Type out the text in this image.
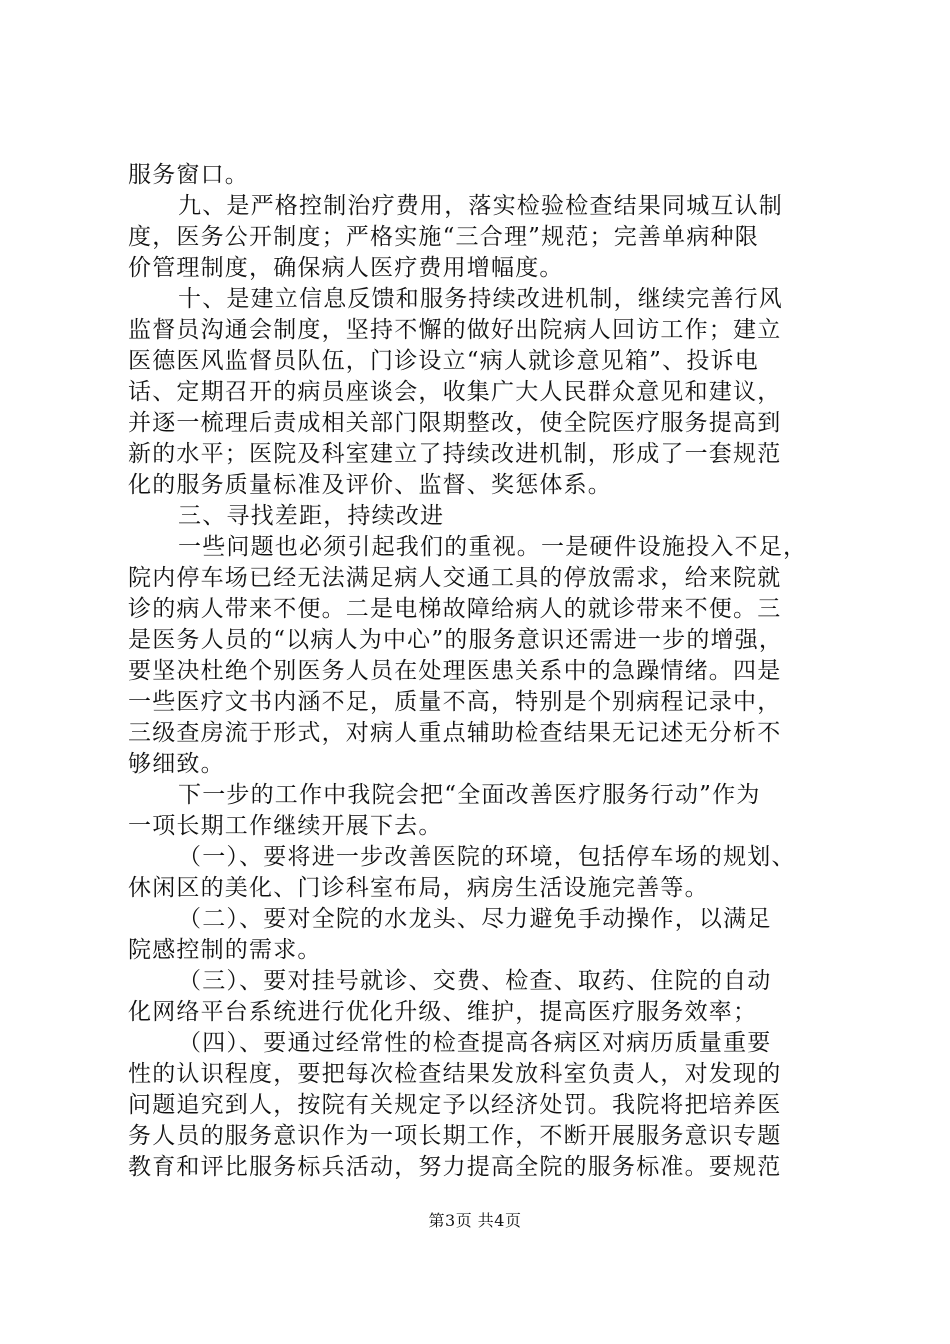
服务窗口。
九、是严格控制治疗费用，落实检验检查结果同城互认制
度，医务公开制度；严格实施“三合理”规范；完善单病种限
价管理制度，确保病人医疗费用增幅度。
十、是建立信息反馈和服务持续改进机制，继续完善行风
监督员沟通会制度，坚持不懈的做好出院病人回访工作；建立
医德医风监督员队伍，门诊设立“病人就诊意见箱”、投诉电
话、定期召开的病员座谈会，收集广大人民群众意见和建议，
并逐一梳理后责成相关部门限期整改，使全院医疗服务提高到
新的水平；医院及科室建立了持续改进机制，形成了一套规范
化的服务质量标准及评价、监督、奖惩体系。
三、寻找差距，持续改进
一些问题也必须引起我们的重视。一是硬件设施投入不足，
院内停车场已经无法满足病人交通工具的停放需求，给来院就
诊的病人带来不便。二是电梯故障给病人的就诊带来不便。三
是医务人员的“以病人为中心”的服务意识还需进一步的增强，
要坚决杜绝个别医务人员在处理医患关系中的急躁情绪。四是
一些医疗文书内涵不足，质量不高，特别是个别病程记录中，
三级查房流于形式，对病人重点辅助检查结果无记述无分析不
够细致。
下一步的工作中我院会把“全面改善医疗服务行动”作为
一项长期工作继续开展下去。
（一）、要将进一步改善医院的环境，包括停车场的规划、
休闲区的美化、门诊科室布局，病房生活设施完善等。
（二）、要对全院的水龙头、尽力避免手动操作，以满足
院感控制的需求。
（三）、要对挂号就诊、交费、检查、取药、住院的自动
化网络平台系统进行优化升级、维护，提高医疗服务效率；
（四）、要通过经常性的检查提高各病区对病历质量重要
性的认识程度，要把每次检查结果发放科室负责人，对发现的
问题追究到人，按院有关规定予以经济处罚。我院将把培养医
务人员的服务意识作为一项长期工作，不断开展服务意识专题
教育和评比服务标兵活动，努力提高全院的服务标准。要规范
第3页 共4页
